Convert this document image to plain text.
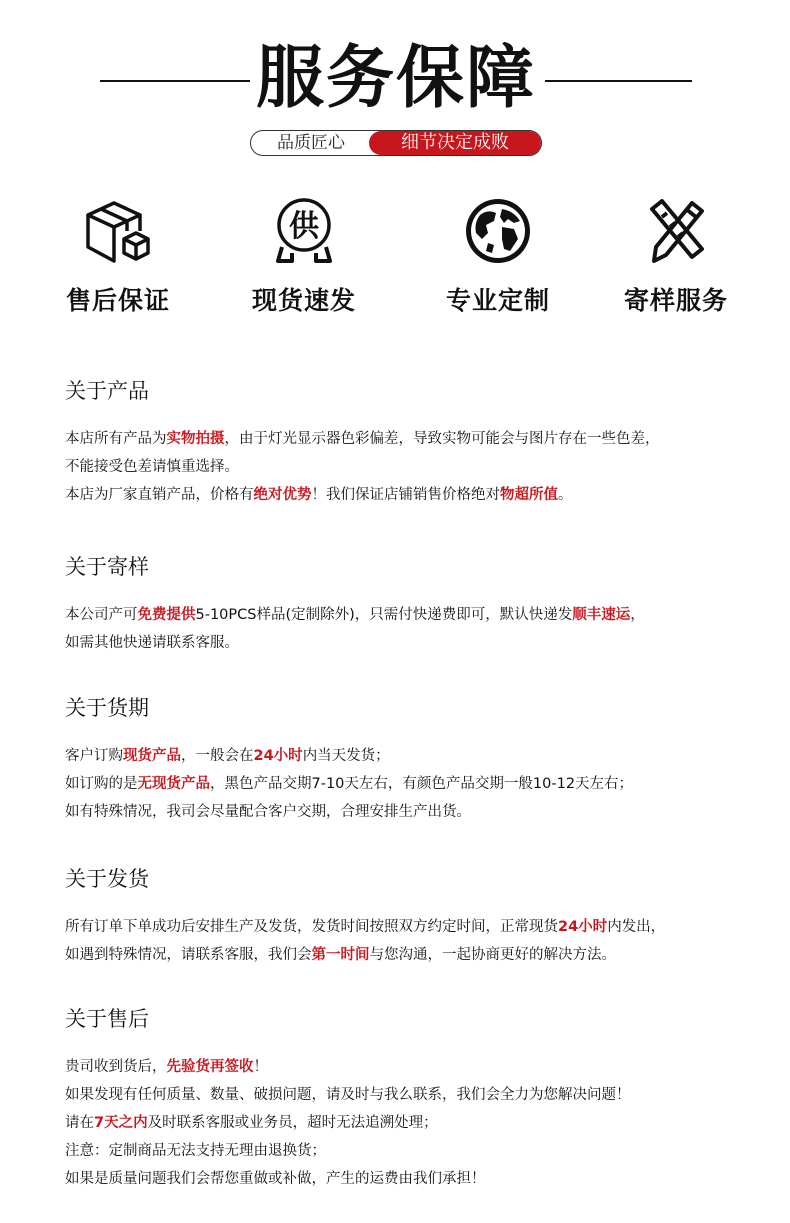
服务保障
品质匠心	细节决定成败
售后保证
供
现货速发	专业定制	寄样服务
关于产品
本店所有产品为实物拍摄，由于灯光显示器色彩偏差，导致实物可能会与图片存在一些色差，
不能接受色差请慎重选择。
本店为厂家直销产品，价格有绝对优势！我们保证店铺销售价格绝对物超所值。
关于寄样
本公司产可免费提供5-10PCS样品(定制除外)，只需付快递费即可，默认快递发顺丰速运，
如需其他快递请联系客服。
关于货期
客户订购现货产品，一般会在24小时内当天发货；
如订购的是无现货产品，黑色产品交期7-10天左右，有颜色产品交期一般10-12天左右；
如有特殊情况，我司会尽量配合客户交期，合理安排生产出货。
关于发货
所有订单下单成功后安排生产及发货，发货时间按照双方约定时间，正常现货24小时内发出，
如遇到特殊情况，请联系客服，我们会第一时间与您沟通，一起协商更好的解决方法。
关于售后
贵司收到货后，先验货再签收！
如果发现有任何质量、数量、破损问题，请及时与我么联系，我们会全力为您解决问题！
请在7天之内及时联系客服或业务员，超时无法追溯处理；
注意：定制商品无法支持无理由退换货；
如果是质量问题我们会帮您重做或补做，产生的运费由我们承担！
